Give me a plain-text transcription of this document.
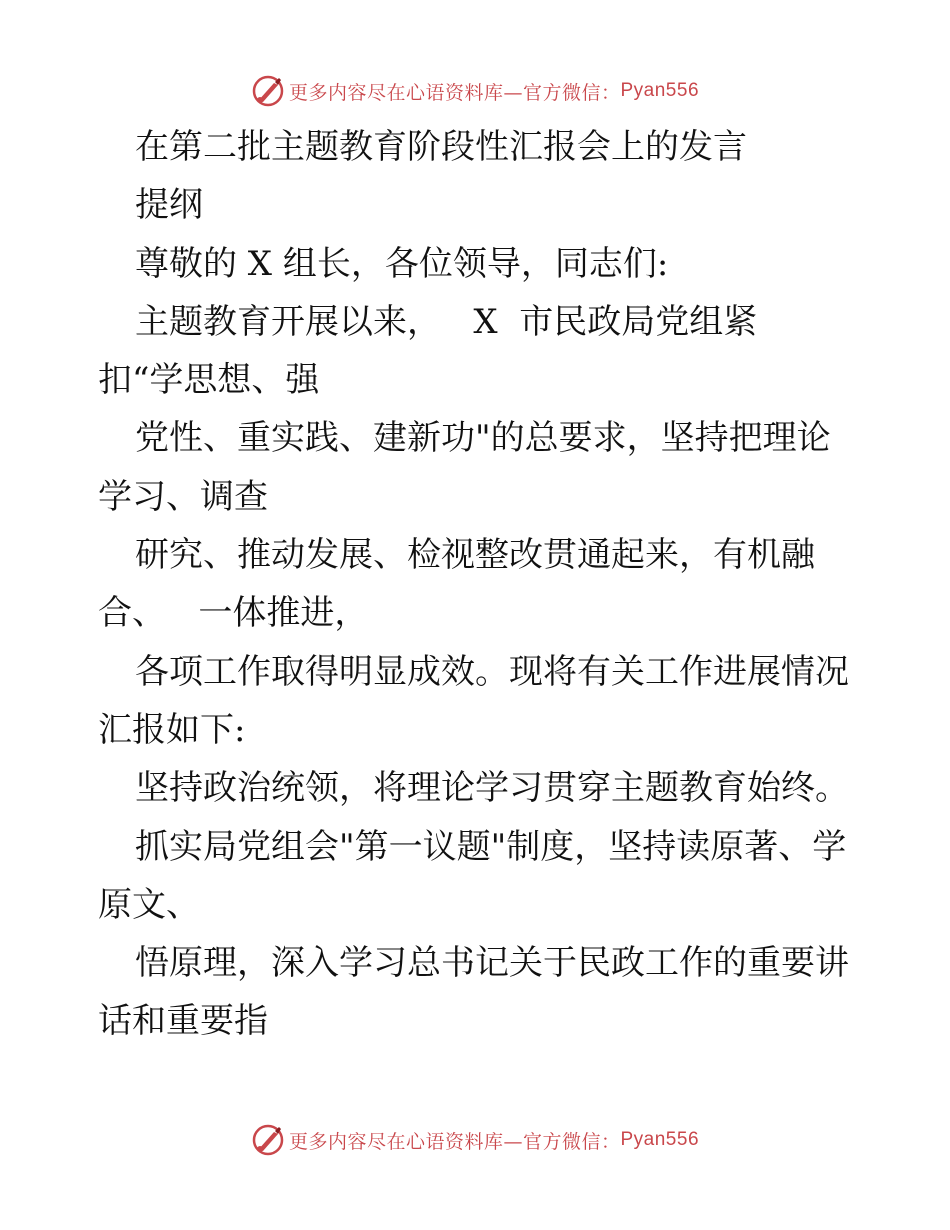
更多内容尽在心语资料库—官方微信： Pyan556

在第二批主题教育阶段性汇报会上的发言

提纲

尊敬的 X 组长，各位领导，同志们:

主题教育开展以来，   X  市民政局党组紧

扣“学思想、强

党性、重实践、建新功"的总要求，坚持把理论

学习、调查

研究、推动发展、检视整改贯通起来，有机融

合、   一体推进，

各项工作取得明显成效。现将有关工作进展情况

汇报如下:

坚持政治统领，将理论学习贯穿主题教育始终。

抓实局党组会"第一议题"制度，坚持读原著、学

原文、

悟原理，深入学习总书记关于民政工作的重要讲

话和重要指

更多内容尽在心语资料库—官方微信： Pyan556
